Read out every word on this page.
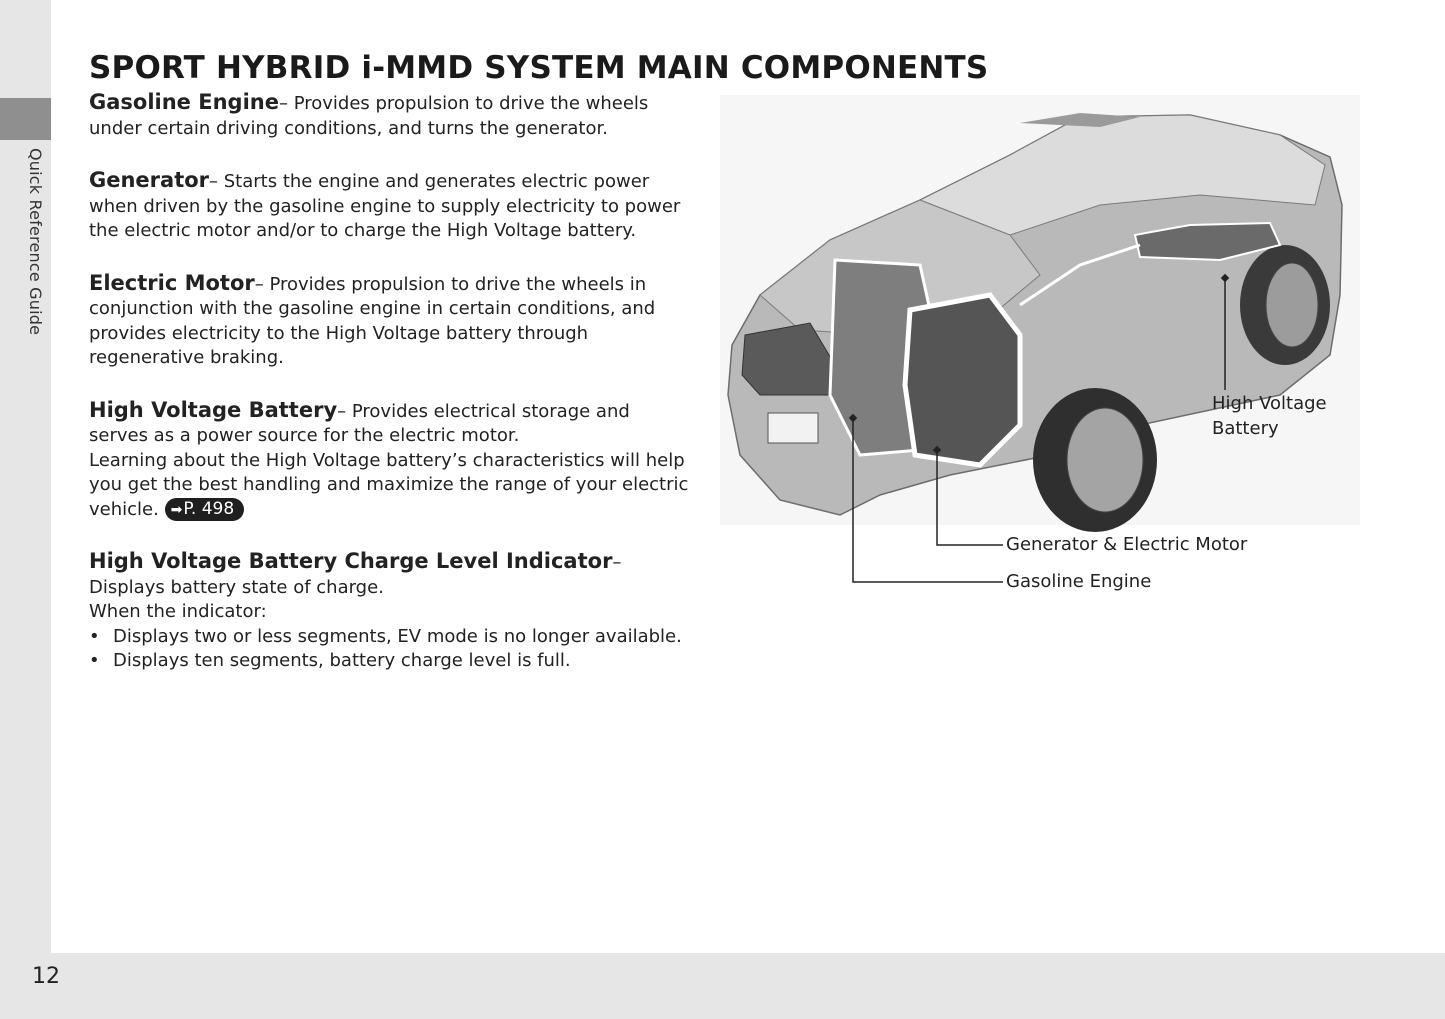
Quick Reference Guide
12
SPORT HYBRID i-MMD SYSTEM MAIN COMPONENTS
Gasoline Engine– Provides propulsion to drive the wheels under certain driving conditions, and turns the generator.
Generator– Starts the engine and generates electric power when driven by the gasoline engine to supply electricity to power the electric motor and/or to charge the High Voltage battery.
Electric Motor– Provides propulsion to drive the wheels in conjunction with the gasoline engine in certain conditions, and provides electricity to the High Voltage battery through regenerative braking.
High Voltage Battery– Provides electrical storage and serves as a power source for the electric motor.
Learning about the High Voltage battery’s characteristics will help you get the best handling and maximize the range of your electric vehicle. ➡P. 498
High Voltage Battery Charge Level Indicator– Displays battery state of charge.
When the indicator:
• Displays two or less segments, EV mode is no longer available.
• Displays ten segments, battery charge level is full.
High Voltage
Battery
Generator & Electric Motor
Gasoline Engine
